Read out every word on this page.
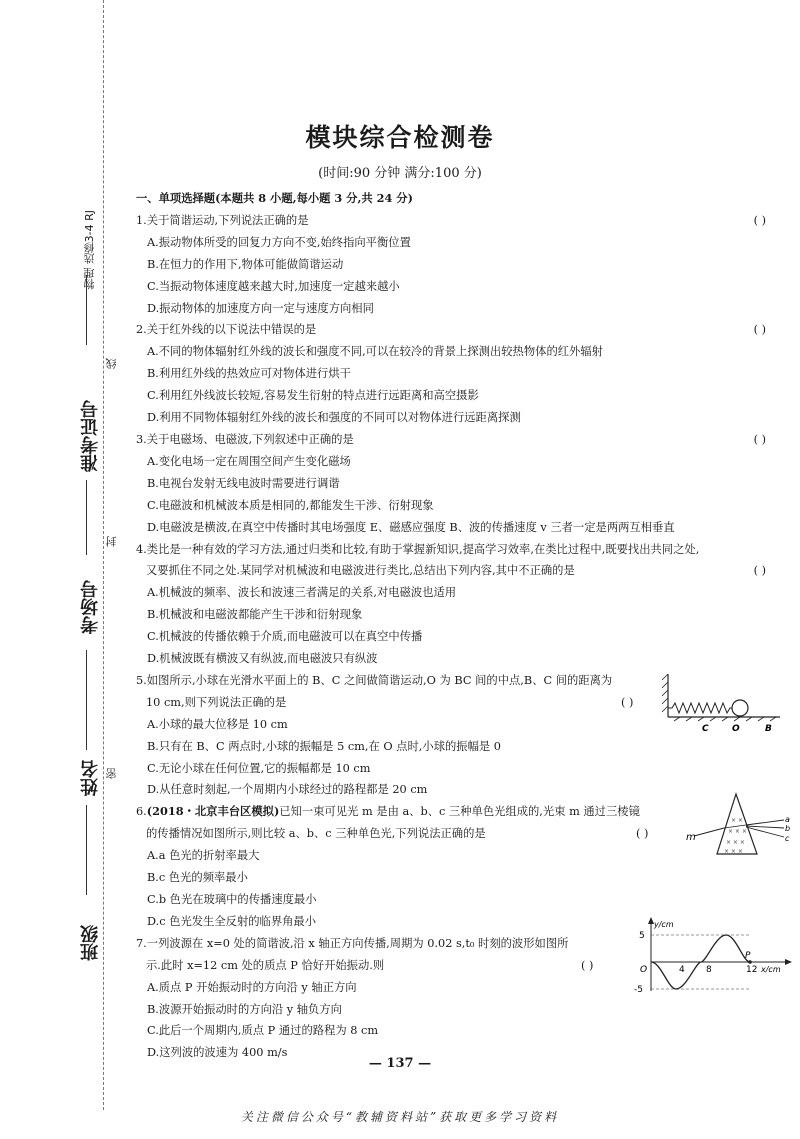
物理 选修3-4 RJ
准考证号
考场号
姓名
班级
线
封
密
模块综合检测卷
(时间:90 分钟 满分:100 分)
一、单项选择题(本题共 8 小题,每小题 3 分,共 24 分)
1.关于简谐运动,下列说法正确的是	( )
A.振动物体所受的回复力方向不变,始终指向平衡位置
B.在恒力的作用下,物体可能做简谐运动
C.当振动物体速度越来越大时,加速度一定越来越小
D.振动物体的加速度方向一定与速度方向相同
2.关于红外线的以下说法中错误的是	( )
A.不同的物体辐射红外线的波长和强度不同,可以在较冷的背景上探测出较热物体的红外辐射
B.利用红外线的热效应可对物体进行烘干
C.利用红外线波长较短,容易发生衍射的特点进行远距离和高空摄影
D.利用不同物体辐射红外线的波长和强度的不同可以对物体进行远距离探测
3.关于电磁场、电磁波,下列叙述中正确的是	( )
A.变化电场一定在周围空间产生变化磁场
B.电视台发射无线电波时需要进行调谐
C.电磁波和机械波本质是相同的,都能发生干涉、衍射现象
D.电磁波是横波,在真空中传播时其电场强度 E、磁感应强度 B、波的传播速度 v 三者一定是两两互相垂直
4.类比是一种有效的学习方法,通过归类和比较,有助于掌握新知识,提高学习效率,在类比过程中,既要找出共同之处,
又要抓住不同之处.某同学对机械波和电磁波进行类比,总结出下列内容,其中不正确的是	( )
A.机械波的频率、波长和波速三者满足的关系,对电磁波也适用
B.机械波和电磁波都能产生干涉和衍射现象
C.机械波的传播依赖于介质,而电磁波可以在真空中传播
D.机械波既有横波又有纵波,而电磁波只有纵波
5.如图所示,小球在光滑水平面上的 B、C 之间做简谐运动,O 为 BC 间的中点,B、C 间的距离为
10 cm,则下列说法正确的是	( )
A.小球的最大位移是 10 cm
B.只有在 B、C 两点时,小球的振幅是 5 cm,在 O 点时,小球的振幅是 0
C.无论小球在任何位置,它的振幅都是 10 cm
D.从任意时刻起,一个周期内小球经过的路程都是 20 cm
6.(2018・北京丰台区模拟)已知一束可见光 m 是由 a、b、c 三种单色光组成的,光束 m 通过三棱镜
的传播情况如图所示,则比较 a、b、c 三种单色光,下列说法正确的是	( )
A.a 色光的折射率最大
B.c 色光的频率最小
C.b 色光在玻璃中的传播速度最小
D.c 色光发生全反射的临界角最小
7.一列波源在 x=0 处的简谐波,沿 x 轴正方向传播,周期为 0.02 s,t₀ 时刻的波形如图所
示.此时 x=12 cm 处的质点 P 恰好开始振动.则	( )
A.质点 P 开始振动时的方向沿 y 轴正方向
B.波源开始振动时的方向沿 y 轴负方向
C.此后一个周期内,质点 P 通过的路程为 8 cm
D.这列波的波速为 400 m/s
C	O	B
× ×
× × ×
× × ×
× × ×
m
a
b
c
y/cm
5
-5
O	4 8	12 x/cm
P
— 137 —
关注微信公众号“教辅资料站”获取更多学习资料
